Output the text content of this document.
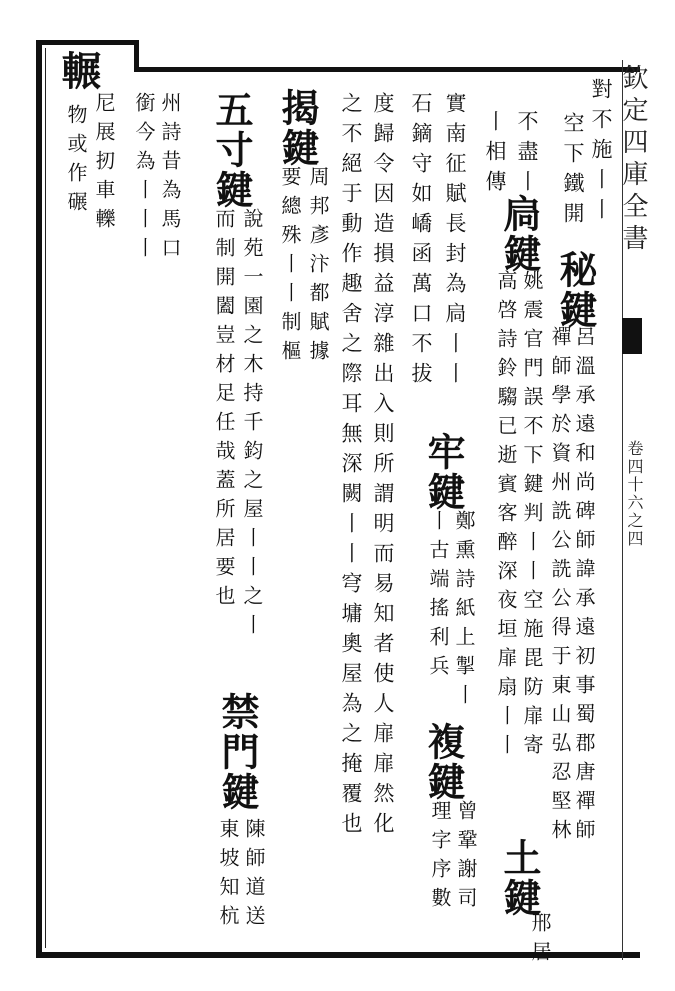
欽定四庫全書
卷四十六之四
對不施丨丨
空下鐵開
秘鍵
呂溫承遠和尚碑師諱承遠初事蜀郡唐禪師
禪師學於資州詵公詵公得于東山弘忍堅林
不盡丨
扃鍵
姚震官門誤不下鍵判丨丨空施毘防扉寄
高啓詩鈴騶已逝賓客醉深夜垣扉扇丨丨
丨相傳
土鍵
邢居
實南征賦長封為扃丨丨
牢鍵
鄭熏詩紙上掣丨
丨古端搖利兵
複鍵
曾鞏謝司
理字序數
石鏑守如嶠函萬口不拔
度歸令因造損益淳雜出入則所謂明而易知者使人扉扉然化
之不絕于動作趣舍之際耳無深闕丨丨穹墉奧屋為之掩覆也
揭鍵
周邦彥汴都賦據
要總殊丨丨制樞
五寸鍵
說苑一園之木持千鈞之屋丨丨之丨
而制開闔豈材足任哉蓋所居要也
禁門鍵
陳師道送
東坡知杭
州詩昔為馬口
銜今為丨丨丨
輾
尼展扨車轢
物或作碾
